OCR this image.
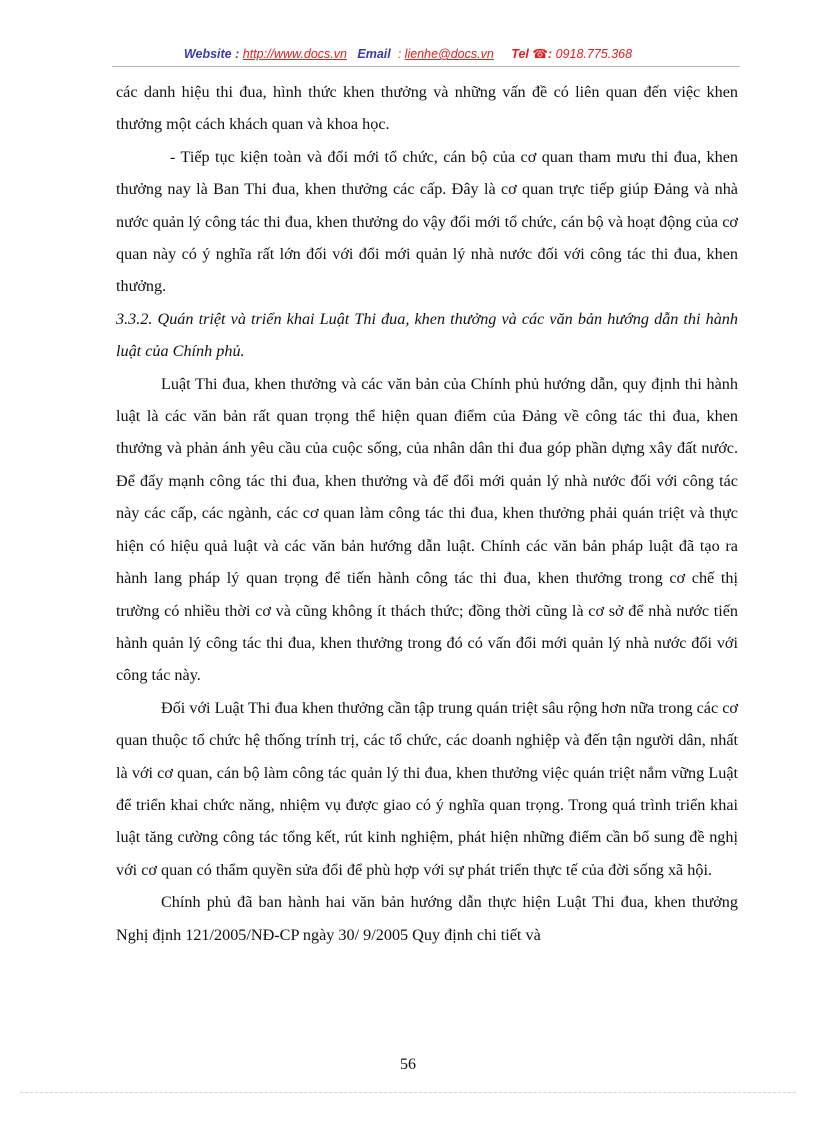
Website : http://www.docs.vn Email : lienhe@docs.vn Tel ☎: 0918.775.368

các danh hiệu thi đua, hình thức khen thưởng và những vấn đề có liên quan đến việc khen thưởng một cách khách quan và khoa học.

- Tiếp tục kiện toàn và đổi mới tổ chức, cán bộ của cơ quan tham mưu thi đua, khen thưởng nay là Ban Thi đua, khen thưởng các cấp. Đây là cơ quan trực tiếp giúp Đảng và nhà nước quản lý công tác thi đua, khen thưởng do vậy đổi mới tổ chức, cán bộ và hoạt động của cơ quan này có ý nghĩa rất lớn đối với đổi mới quản lý nhà nước đối với công tác thi đua, khen thưởng.

3.3.2. Quán triệt và triển khai Luật Thi đua, khen thưởng và các văn bản hướng dẫn thi hành luật của Chính phủ.

Luật Thi đua, khen thưởng và các văn bản của Chính phủ hướng dẫn, quy định thi hành luật là các văn bản rất quan trọng thể hiện quan điểm của Đảng về công tác thi đua, khen thưởng và phản ánh yêu cầu của cuộc sống, của nhân dân thi đua góp phần dựng xây đất nước. Để đẩy mạnh công tác thi đua, khen thưởng và để đổi mới quản lý nhà nước đối với công tác này các cấp, các ngành, các cơ quan làm công tác thi đua, khen thưởng phải quán triệt và thực hiện có hiệu quả luật và các văn bản hướng dẫn luật. Chính các văn bản pháp luật đã tạo ra hành lang pháp lý quan trọng để tiến hành công tác thi đua, khen thưởng trong cơ chế thị trường có nhiều thời cơ và cũng không ít thách thức; đồng thời cũng là cơ sở để nhà nước tiến hành quản lý công tác thi đua, khen thưởng trong đó có vấn đổi mới quản lý nhà nước đối với công tác này.

Đối với Luật Thi đua khen thưởng cần tập trung quán triệt sâu rộng hơn nữa trong các cơ quan thuộc tổ chức hệ thống trính trị, các tổ chức, các doanh nghiệp và đến tận người dân, nhất là với cơ quan, cán bộ làm công tác quản lý thi đua, khen thưởng việc quán triệt nắm vững Luật để triển khai chức năng, nhiệm vụ được giao có ý nghĩa quan trọng. Trong quá trình triển khai luật tăng cường công tác tổng kết, rút kinh nghiệm, phát hiện những điểm cần bổ sung đề nghị với cơ quan có thẩm quyền sửa đổi để phù hợp với sự phát triển thực tế của đời sống xã hội.

Chính phủ đã ban hành hai văn bản hướng dẫn thực hiện Luật Thi đua, khen thưởng Nghị định 121/2005/NĐ-CP ngày 30/ 9/2005 Quy định chi tiết và

56
